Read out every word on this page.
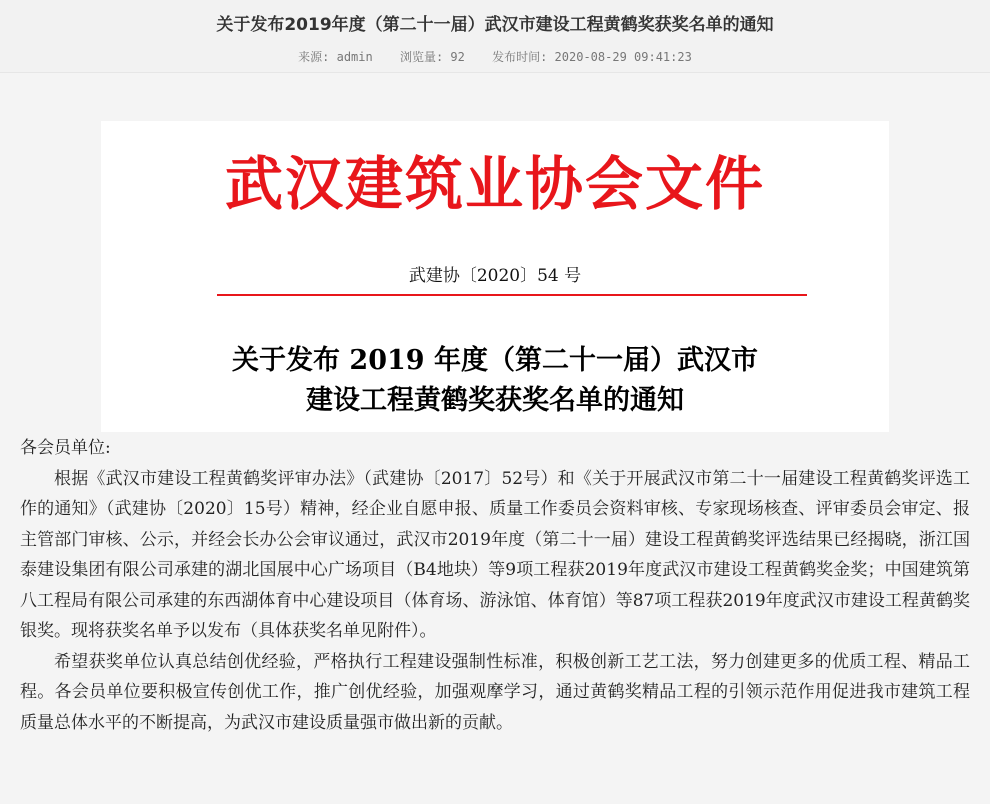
关于发布2019年度（第二十一届）武汉市建设工程黄鹤奖获奖名单的通知
来源: admin 浏览量: 92 发布时间: 2020-08-29 09:41:23
武汉建筑业协会文件
武建协〔2020〕54 号
关于发布 2019 年度（第二十一届）武汉市
建设工程黄鹤奖获奖名单的通知

各会员单位:

根据《武汉市建设工程黄鹤奖评审办法》（武建协〔2017〕52号）和《关于开展武汉市第二十一届建设工程黄鹤奖评选工作的通知》（武建协〔2020〕15号）精神，经企业自愿申报、质量工作委员会资料审核、专家现场核查、评审委员会审定、报主管部门审核、公示，并经会长办公会审议通过，武汉市2019年度（第二十一届）建设工程黄鹤奖评选结果已经揭晓，浙江国泰建设集团有限公司承建的湖北国展中心广场项目（B4地块）等9项工程获2019年度武汉市建设工程黄鹤奖金奖；中国建筑第八工程局有限公司承建的东西湖体育中心建设项目（体育场、游泳馆、体育馆）等87项工程获2019年度武汉市建设工程黄鹤奖银奖。现将获奖名单予以发布（具体获奖名单见附件）。

希望获奖单位认真总结创优经验，严格执行工程建设强制性标准，积极创新工艺工法，努力创建更多的优质工程、精品工程。各会员单位要积极宣传创优工作，推广创优经验，加强观摩学习，通过黄鹤奖精品工程的引领示范作用促进我市建筑工程质量总体水平的不断提高，为武汉市建设质量强市做出新的贡献。
